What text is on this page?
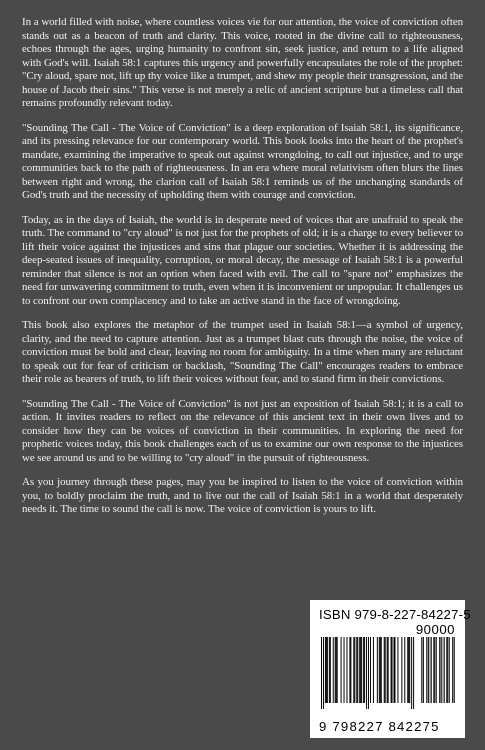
In a world filled with noise, where countless voices vie for our attention, the voice of conviction often stands out as a beacon of truth and clarity. This voice, rooted in the divine call to righteousness, echoes through the ages, urging humanity to confront sin, seek justice, and return to a life aligned with God's will. Isaiah 58:1 captures this urgency and powerfully encapsulates the role of the prophet: "Cry aloud, spare not, lift up thy voice like a trumpet, and shew my people their transgression, and the house of Jacob their sins." This verse is not merely a relic of ancient scripture but a timeless call that remains profoundly relevant today.

"Sounding The Call - The Voice of Conviction" is a deep exploration of Isaiah 58:1, its significance, and its pressing relevance for our contemporary world. This book looks into the heart of the prophet's mandate, examining the imperative to speak out against wrongdoing, to call out injustice, and to urge communities back to the path of righteousness. In an era where moral relativism often blurs the lines between right and wrong, the clarion call of Isaiah 58:1 reminds us of the unchanging standards of God's truth and the necessity of upholding them with courage and conviction.

Today, as in the days of Isaiah, the world is in desperate need of voices that are unafraid to speak the truth. The command to "cry aloud" is not just for the prophets of old; it is a charge to every believer to lift their voice against the injustices and sins that plague our societies. Whether it is addressing the deep-seated issues of inequality, corruption, or moral decay, the message of Isaiah 58:1 is a powerful reminder that silence is not an option when faced with evil. The call to "spare not" emphasizes the need for unwavering commitment to truth, even when it is inconvenient or unpopular. It challenges us to confront our own complacency and to take an active stand in the face of wrongdoing.

This book also explores the metaphor of the trumpet used in Isaiah 58:1—a symbol of urgency, clarity, and the need to capture attention. Just as a trumpet blast cuts through the noise, the voice of conviction must be bold and clear, leaving no room for ambiguity. In a time when many are reluctant to speak out for fear of criticism or backlash, "Sounding The Call" encourages readers to embrace their role as bearers of truth, to lift their voices without fear, and to stand firm in their convictions.

"Sounding The Call - The Voice of Conviction" is not just an exposition of Isaiah 58:1; it is a call to action. It invites readers to reflect on the relevance of this ancient text in their own lives and to consider how they can be voices of conviction in their communities. In exploring the need for prophetic voices today, this book challenges each of us to examine our own response to the injustices we see around us and to be willing to "cry aloud" in the pursuit of righteousness.

As you journey through these pages, may you be inspired to listen to the voice of conviction within you, to boldly proclaim the truth, and to live out the call of Isaiah 58:1 in a world that desperately needs it. The time to sound the call is now. The voice of conviction is yours to lift.

ISBN 979-8-227-84227-5
90000
9 798227 842275
